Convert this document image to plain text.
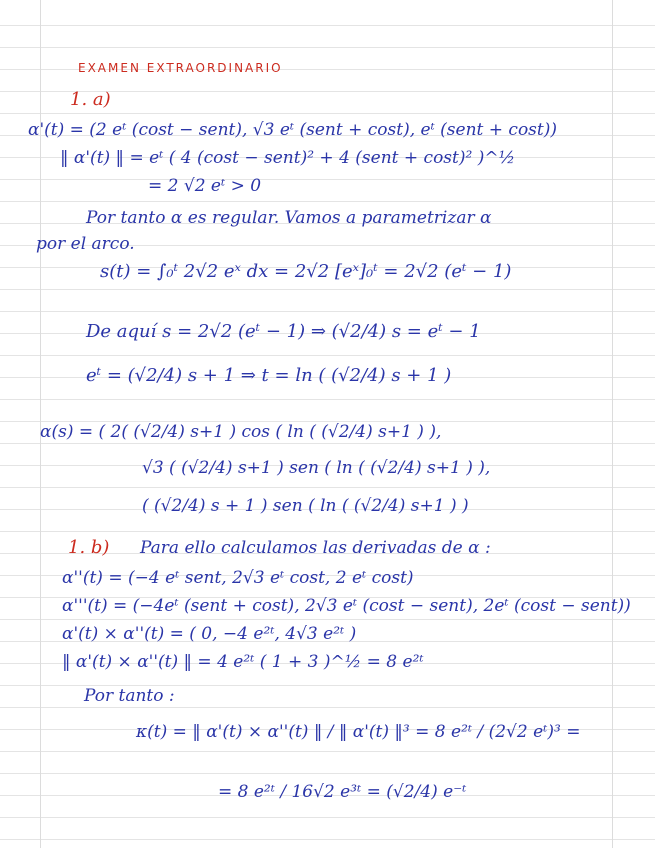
EXAMEN EXTRAORDINARIO
1. a)
α'(t) = (2 eᵗ (cost − sent), √3 eᵗ (sent + cost), eᵗ (sent + cost))
‖ α'(t) ‖ = eᵗ ( 4 (cost − sent)² + 4 (sent + cost)² )^½
= 2 √2 eᵗ > 0
Por tanto α es regular. Vamos a parametrizar α
por el arco.
s(t) = ∫₀ᵗ 2√2 eˣ dx = 2√2 [eˣ]₀ᵗ = 2√2 (eᵗ − 1)
De aquí s = 2√2 (eᵗ − 1) ⇒ (√2/4) s = eᵗ − 1
eᵗ = (√2/4) s + 1 ⇒ t = ln ( (√2/4) s + 1 )
α(s) = ( 2( (√2/4) s+1 ) cos ( ln ( (√2/4) s+1 ) ),
√3 ( (√2/4) s+1 ) sen ( ln ( (√2/4) s+1 ) ),
( (√2/4) s + 1 ) sen ( ln ( (√2/4) s+1 ) )
1. b) Para ello calculamos las derivadas de α :
α''(t) = (−4 eᵗ sent, 2√3 eᵗ cost, 2 eᵗ cost)
α'''(t) = (−4eᵗ (sent + cost), 2√3 eᵗ (cost − sent), 2eᵗ (cost − sent))
α'(t) × α''(t) = ( 0, −4 e²ᵗ, 4√3 e²ᵗ )
‖ α'(t) × α''(t) ‖ = 4 e²ᵗ ( 1 + 3 )^½ = 8 e²ᵗ
Por tanto :
κ(t) = ‖ α'(t) × α''(t) ‖ / ‖ α'(t) ‖³ = 8 e²ᵗ / (2√2 eᵗ)³ =
= 8 e²ᵗ / 16√2 e³ᵗ = (√2/4) e⁻ᵗ
